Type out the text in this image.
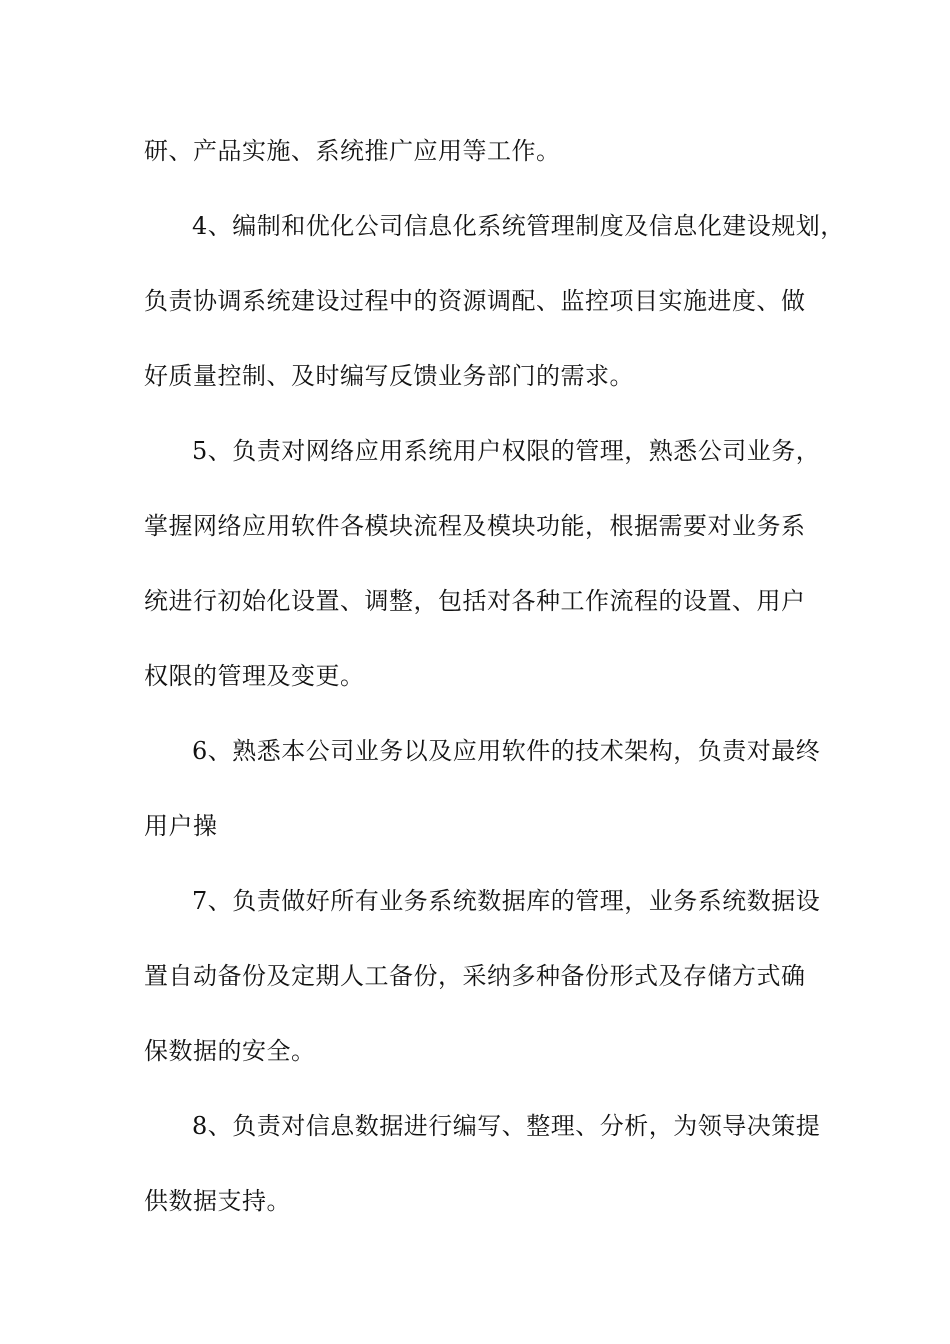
研、产品实施、系统推广应用等工作。

4、编制和优化公司信息化系统管理制度及信息化建设规划，

负责协调系统建设过程中的资源调配、监控项目实施进度、做

好质量控制、及时编写反馈业务部门的需求。

5、负责对网络应用系统用户权限的管理，熟悉公司业务，

掌握网络应用软件各模块流程及模块功能，根据需要对业务系

统进行初始化设置、调整，包括对各种工作流程的设置、用户

权限的管理及变更。

6、熟悉本公司业务以及应用软件的技术架构，负责对最终

用户操

7、负责做好所有业务系统数据库的管理，业务系统数据设

置自动备份及定期人工备份，采纳多种备份形式及存储方式确

保数据的安全。

8、负责对信息数据进行编写、整理、分析，为领导决策提

供数据支持。
